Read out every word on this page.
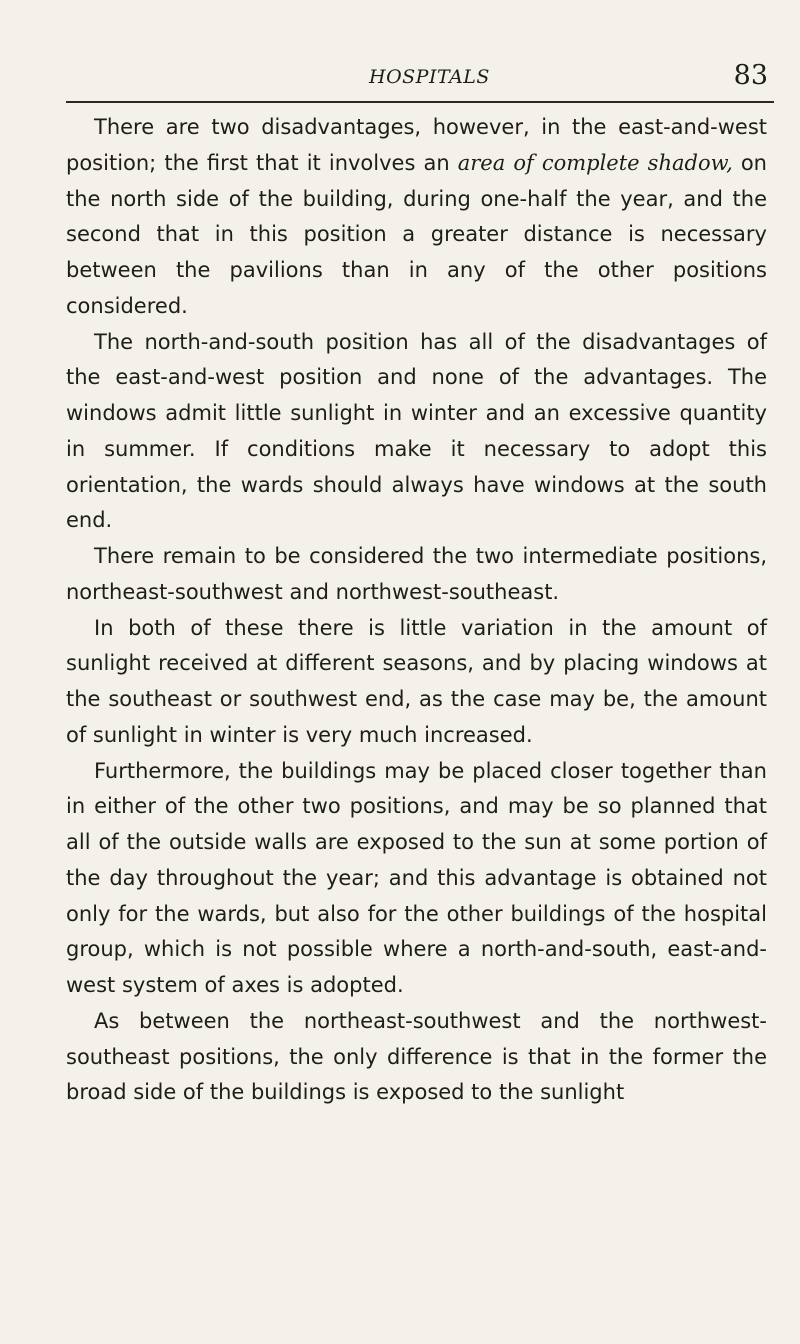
HOSPITALS	83

There are two disadvantages, however, in the east-and-west position; the first that it involves an area of complete shadow, on the north side of the building, during one-half the year, and the second that in this position a greater distance is necessary between the pavilions than in any of the other positions considered.

The north-and-south position has all of the disadvantages of the east-and-west position and none of the advantages. The windows admit little sunlight in winter and an excessive quantity in summer. If conditions make it necessary to adopt this orientation, the wards should always have windows at the south end.

There remain to be considered the two intermediate positions, northeast-southwest and northwest-southeast.

In both of these there is little variation in the amount of sunlight received at different seasons, and by placing windows at the southeast or southwest end, as the case may be, the amount of sunlight in winter is very much increased.

Furthermore, the buildings may be placed closer together than in either of the other two positions, and may be so planned that all of the outside walls are exposed to the sun at some portion of the day throughout the year; and this advantage is obtained not only for the wards, but also for the other buildings of the hospital group, which is not possible where a north-and-south, east-and-west system of axes is adopted.

As between the northeast-southwest and the northwest-southeast positions, the only difference is that in the former the broad side of the buildings is exposed to the sunlight
